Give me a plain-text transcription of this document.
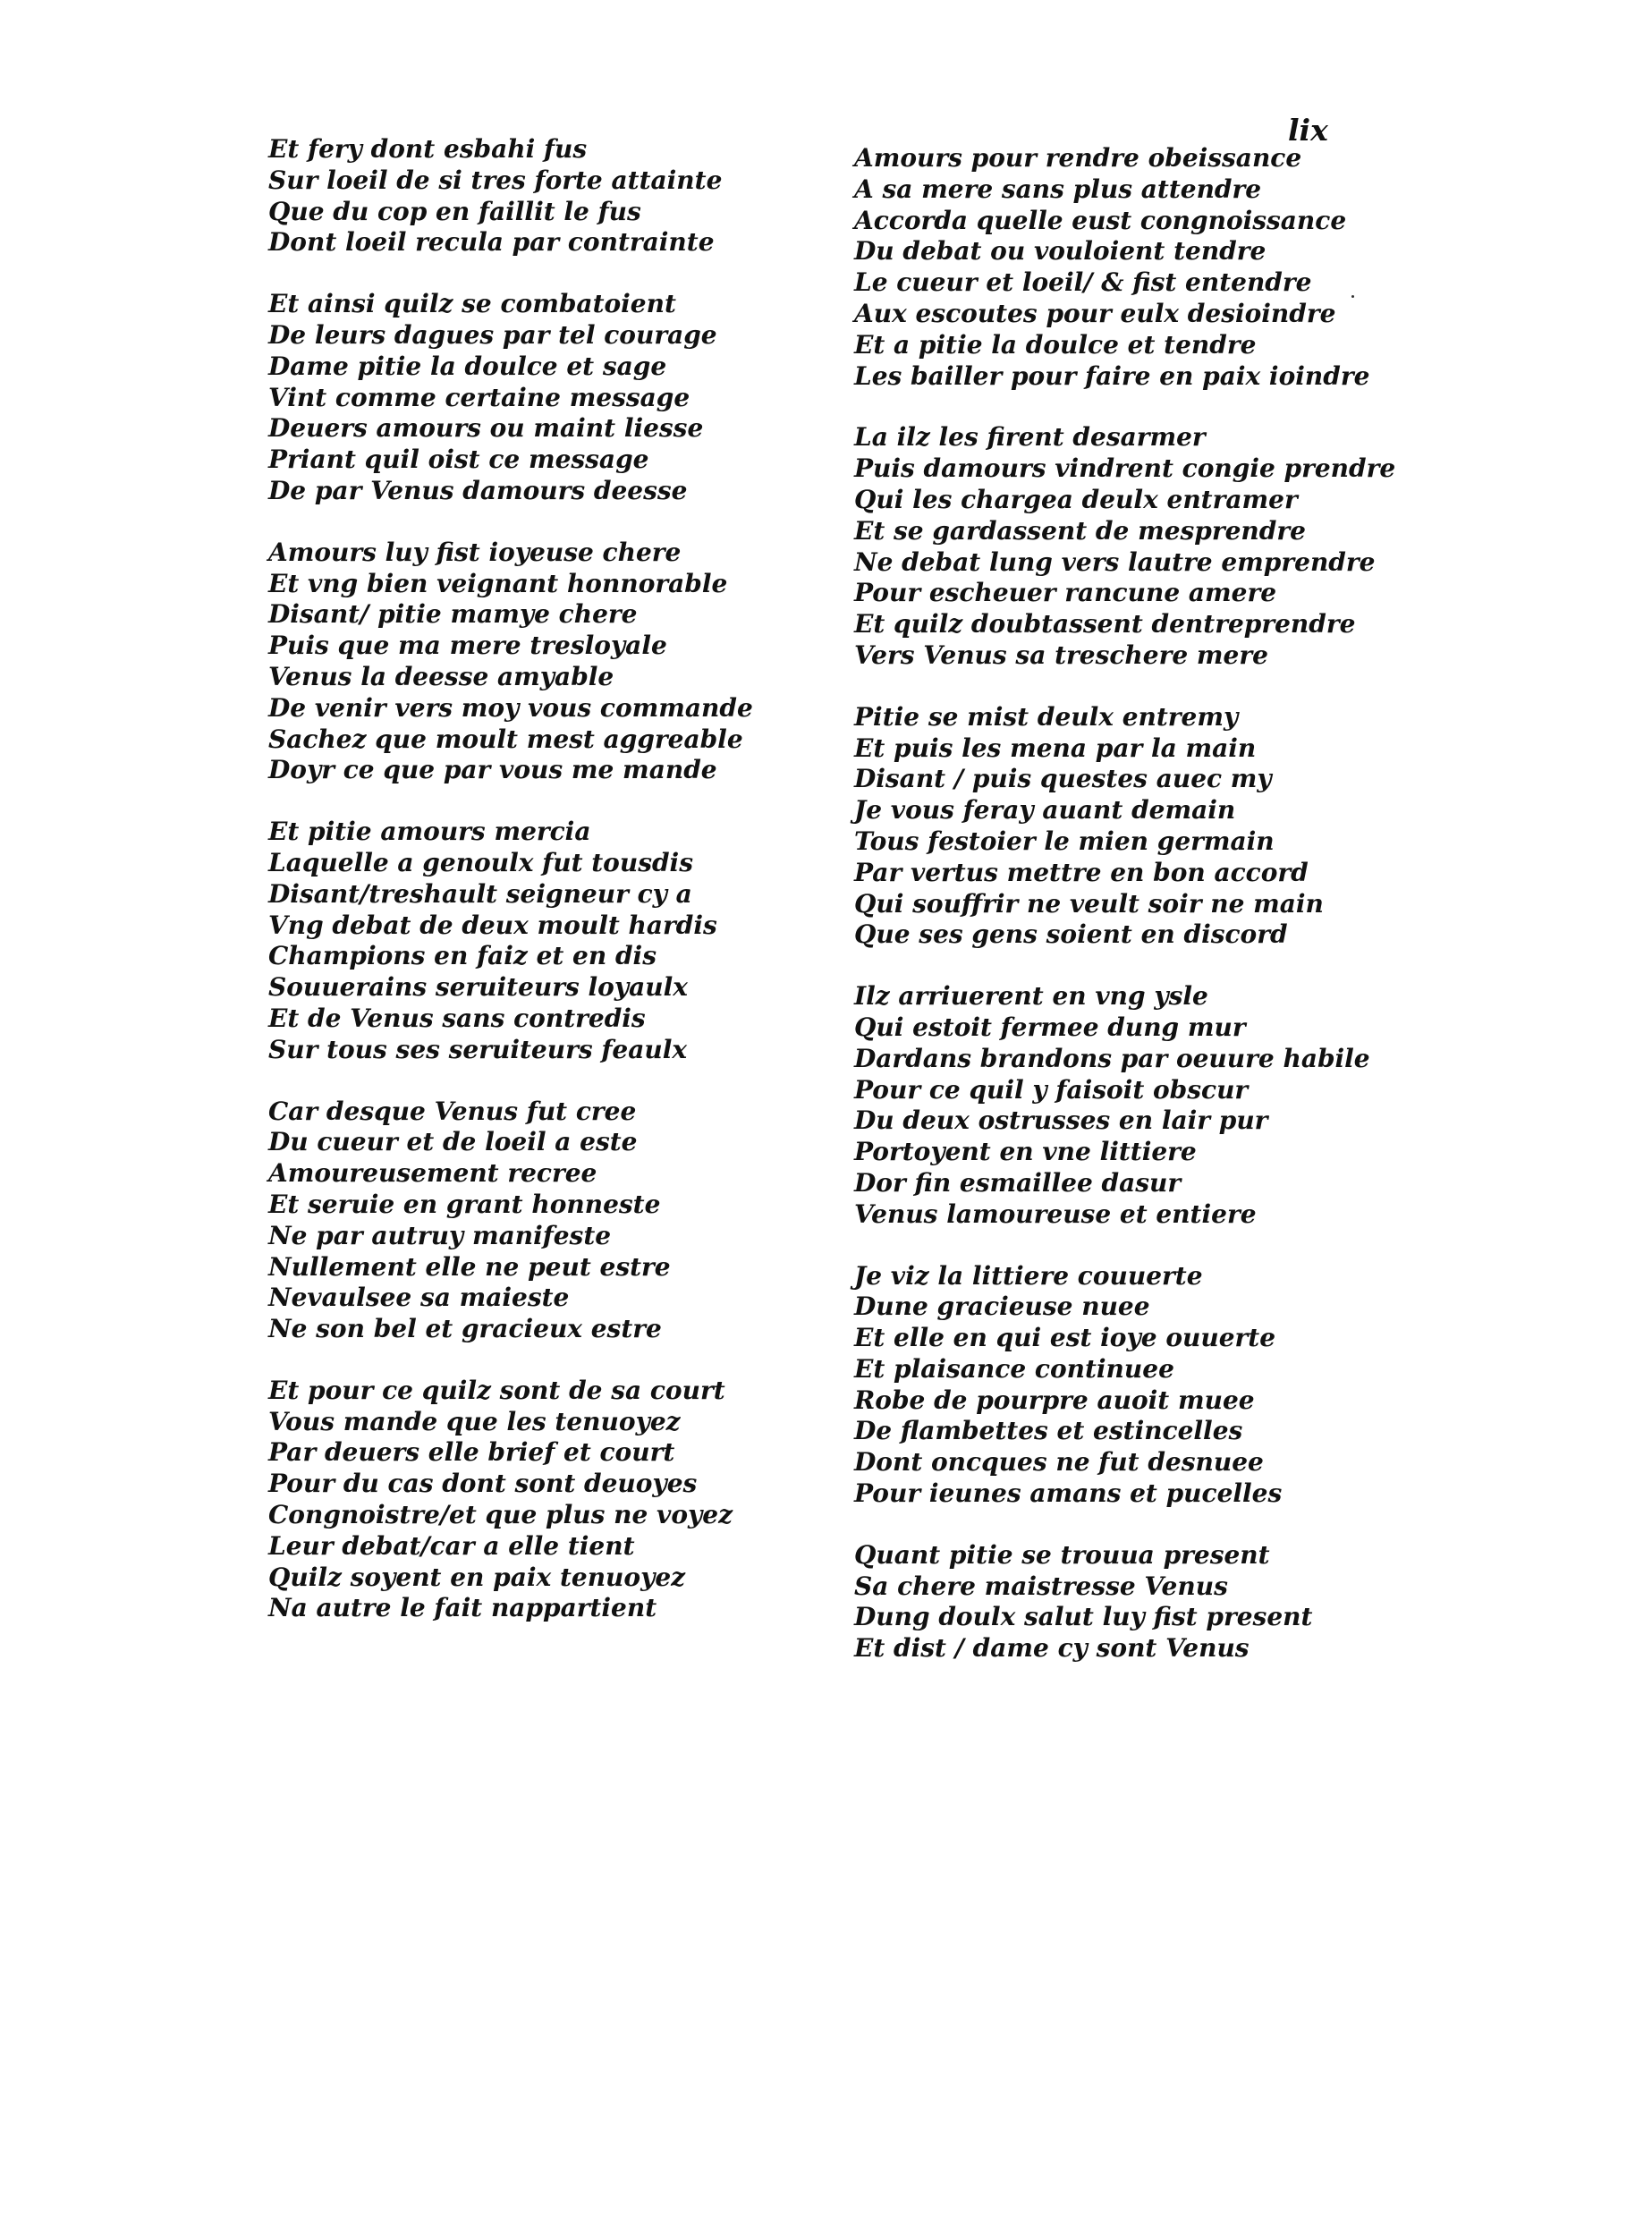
lix
Et fery dont esbahi fus
Sur loeil de si tres forte attainte
Que du cop en faillit le fus
Dont loeil recula par contrainte
Et ainsi quilz se combatoient
De leurs dagues par tel courage
Dame pitie la doulce et sage
Vint comme certaine message
Deuers amours ou maint liesse
Priant quil oist ce message
De par Venus damours deesse
Amours luy fist ioyeuse chere
Et vng bien veignant honnorable
Disant/ pitie mamye chere
Puis que ma mere tresloyale
Venus la deesse amyable
De venir vers moy vous commande
Sachez que moult mest aggreable
Doyr ce que par vous me mande
Et pitie amours mercia
Laquelle a genoulx fut tousdis
Disant/treshault seigneur cy a
Vng debat de deux moult hardis
Champions en faiz et en dis
Souuerains seruiteurs loyaulx
Et de Venus sans contredis
Sur tous ses seruiteurs feaulx
Car desque Venus fut cree
Du cueur et de loeil a este
Amoureusement recree
Et seruie en grant honneste
Ne par autruy manifeste
Nullement elle ne peut estre
Nevaulsee sa maieste
Ne son bel et gracieux estre
Et pour ce quilz sont de sa court
Vous mande que les tenuoyez
Par deuers elle brief et court
Pour du cas dont sont deuoyes
Congnoistre/et que plus ne voyez
Leur debat/car a elle tient
Quilz soyent en paix tenuoyez
Na autre le fait nappartient
Amours pour rendre obeissance
A sa mere sans plus attendre
Accorda quelle eust congnoissance
Du debat ou vouloient tendre
Le cueur et loeil/ & fist entendre
Aux escoutes pour eulx desioindre
Et a pitie la doulce et tendre
Les bailler pour faire en paix ioindre
La ilz les firent desarmer
Puis damours vindrent congie prendre
Qui les chargea deulx entramer
Et se gardassent de mesprendre
Ne debat lung vers lautre emprendre
Pour escheuer rancune amere
Et quilz doubtassent dentreprendre
Vers Venus sa treschere mere
Pitie se mist deulx entremy
Et puis les mena par la main
Disant / puis questes auec my
Je vous feray auant demain
Tous festoier le mien germain
Par vertus mettre en bon accord
Qui souffrir ne veult soir ne main
Que ses gens soient en discord
Ilz arriuerent en vng ysle
Qui estoit fermee dung mur
Dardans brandons par oeuure habile
Pour ce quil y faisoit obscur
Du deux ostrusses en lair pur
Portoyent en vne littiere
Dor fin esmaillee dasur
Venus lamoureuse et entiere
Je viz la littiere couuerte
Dune gracieuse nuee
Et elle en qui est ioye ouuerte
Et plaisance continuee
Robe de pourpre auoit muee
De flambettes et estincelles
Dont oncques ne fut desnuee
Pour ieunes amans et pucelles
Quant pitie se trouua present
Sa chere maistresse Venus
Dung doulx salut luy fist present
Et dist / dame cy sont Venus
